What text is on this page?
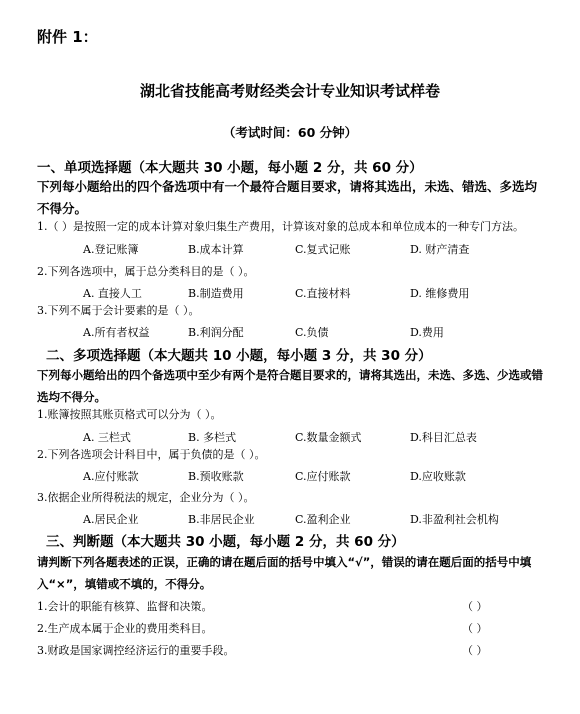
附件 1：
湖北省技能高考财经类会计专业知识考试样卷
（考试时间：60 分钟）
一、单项选择题（本大题共 30 小题，每小题 2 分，共 60 分）
下列每小题给出的四个备选项中有一个最符合题目要求，请将其选出，未选、错选、多选均不得分。
1.（ ）是按照一定的成本计算对象归集生产费用，计算该对象的总成本和单位成本的一种专门方法。
A.登记账簿	B.成本计算	C.复式记账	D. 财产清查
2.下列各选项中，属于总分类科目的是（ ）。
A. 直接人工	B.制造费用	C.直接材料	D. 维修费用
3.下列不属于会计要素的是（ ）。
A.所有者权益	B.利润分配	C.负债	D.费用
二、多项选择题（本大题共 10 小题，每小题 3 分，共 30 分）
下列每小题给出的四个备选项中至少有两个是符合题目要求的，请将其选出，未选、多选、少选或错选均不得分。
1.账簿按照其账页格式可以分为（ ）。
A. 三栏式	B. 多栏式	C.数量金额式	D.科目汇总表
2.下列各选项会计科目中，属于负债的是（ ）。
A.应付账款	B.预收账款	C.应付账款	D.应收账款
3.依据企业所得税法的规定，企业分为（ ）。
A.居民企业	B.非居民企业	C.盈利企业	D.非盈利社会机构
三、判断题（本大题共 30 小题，每小题 2 分，共 60 分）
请判断下列各题表述的正误，正确的请在题后面的括号中填入“√”，错误的请在题后面的括号中填入“×”，填错或不填的，不得分。
1.会计的职能有核算、监督和决策。	（ ）
2.生产成本属于企业的费用类科目。	（ ）
3.财政是国家调控经济运行的重要手段。	（ ）
